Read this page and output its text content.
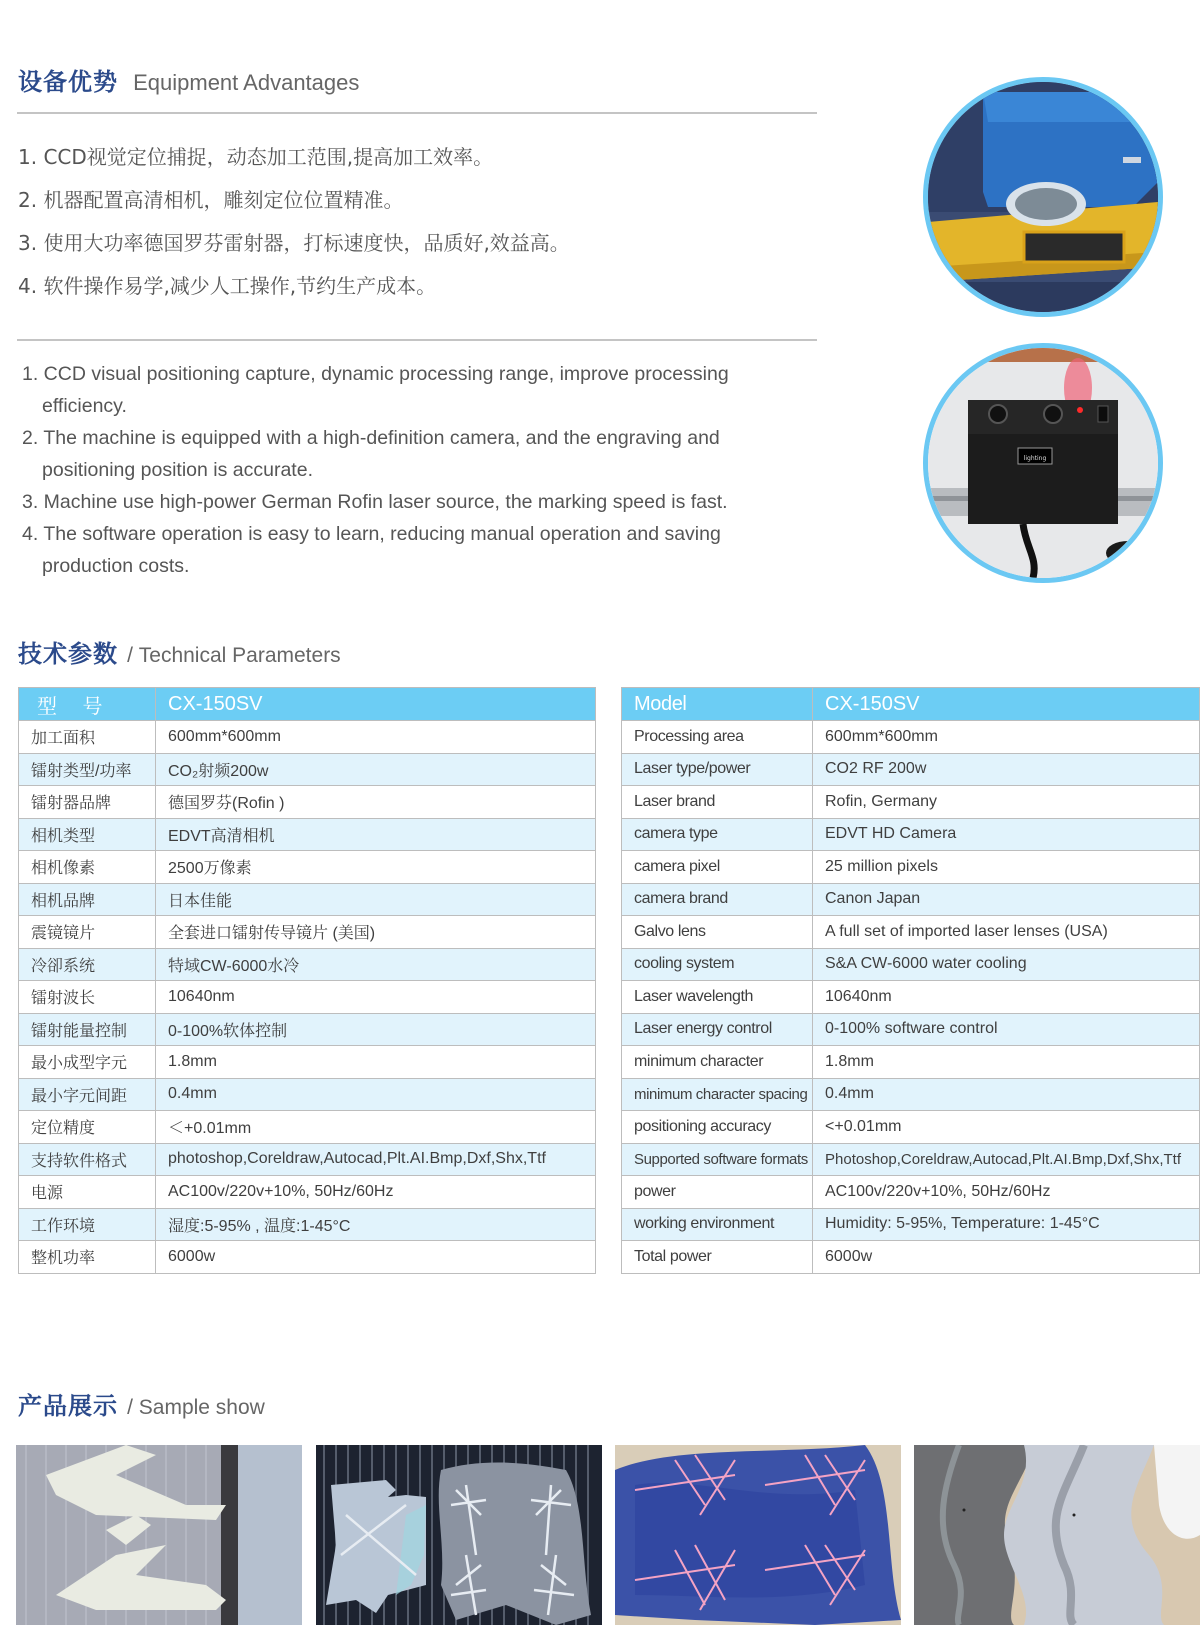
设备优势 Equipment Advantages
1. CCD视觉定位捕捉，动态加工范围,提高加工效率。
2. 机器配置高清相机，雕刻定位位置精准。
3. 使用大功率德国罗芬雷射器，打标速度快，品质好,效益高。
4. 软件操作易学,减少人工操作,节约生产成本。
1. CCD visual positioning capture, dynamic processing range, improve processing efficiency.
2. The machine is equipped with a high-definition camera, and the engraving and positioning position is accurate.
3. Machine use high-power German Rofin laser source, the marking speed is fast.
4. The software operation is easy to learn, reducing manual operation and saving production costs.
lighting
技术参数 / Technical Parameters
型 号	CX-150SV
加工面积	600mm*600mm
镭射类型/功率	CO₂射频200w
镭射器品牌	德国罗芬(Rofin )
相机类型	EDVT高清相机
相机像素	2500万像素
相机品牌	日本佳能
震镜镜片	全套进口镭射传导镜片 (美国)
冷卻系统	特域CW-6000水冷
镭射波长	10640nm
镭射能量控制	0-100%软体控制
最小成型字元	1.8mm
最小字元间距	0.4mm
定位精度	＜+0.01mm
支持软件格式	photoshop,Coreldraw,Autocad,Plt.AI.Bmp,Dxf,Shx,Ttf
电源	AC100v/220v+10%, 50Hz/60Hz
工作环境	湿度:5-95% , 温度:1-45°C
整机功率	6000w
Model	CX-150SV
Processing area	600mm*600mm
Laser type/power	CO2 RF 200w
Laser brand	Rofin, Germany
camera type	EDVT HD Camera
camera pixel	25 million pixels
camera brand	Canon Japan
Galvo lens	A full set of imported laser lenses (USA)
cooling system	S&A CW-6000 water cooling
Laser wavelength	10640nm
Laser energy control	0-100% software control
minimum character	1.8mm
minimum character spacing	0.4mm
positioning accuracy	<+0.01mm
Supported software formats	Photoshop,Coreldraw,Autocad,Plt.AI.Bmp,Dxf,Shx,Ttf
power	AC100v/220v+10%, 50Hz/60Hz
working environment	Humidity: 5-95%, Temperature: 1-45°C
Total power	6000w
产品展示 / Sample show
